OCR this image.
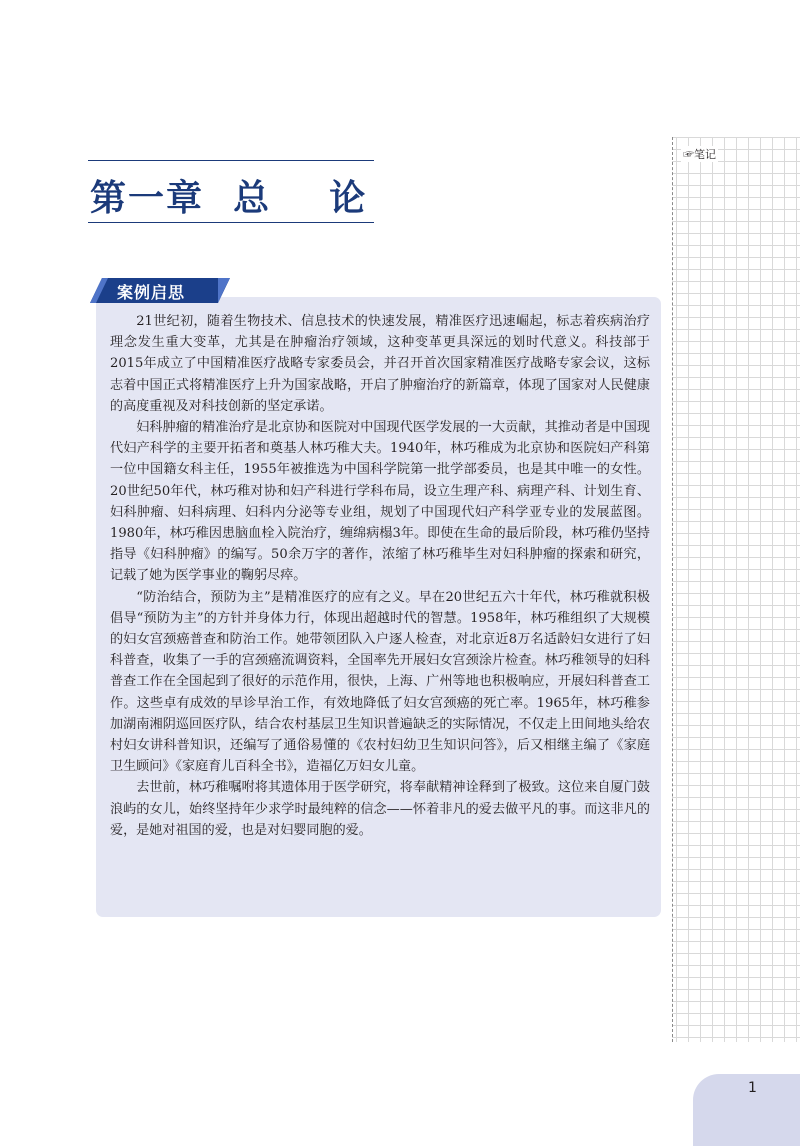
☞笔记
第一章  总    论
案例启思

21世纪初，随着生物技术、信息技术的快速发展，精准医疗迅速崛起，标志着疾病治疗理念发生重大变革，尤其是在肿瘤治疗领域，这种变革更具深远的划时代意义。科技部于2015年成立了中国精准医疗战略专家委员会，并召开首次国家精准医疗战略专家会议，这标志着中国正式将精准医疗上升为国家战略，开启了肿瘤治疗的新篇章，体现了国家对人民健康的高度重视及对科技创新的坚定承诺。

妇科肿瘤的精准治疗是北京协和医院对中国现代医学发展的一大贡献，其推动者是中国现代妇产科学的主要开拓者和奠基人林巧稚大夫。1940年，林巧稚成为北京协和医院妇产科第一位中国籍女科主任，1955年被推选为中国科学院第一批学部委员，也是其中唯一的女性。20世纪50年代，林巧稚对协和妇产科进行学科布局，设立生理产科、病理产科、计划生育、妇科肿瘤、妇科病理、妇科内分泌等专业组，规划了中国现代妇产科学亚专业的发展蓝图。1980年，林巧稚因患脑血栓入院治疗，缠绵病榻3年。即使在生命的最后阶段，林巧稚仍坚持指导《妇科肿瘤》的编写。50余万字的著作，浓缩了林巧稚毕生对妇科肿瘤的探索和研究，记载了她为医学事业的鞠躬尽瘁。

“防治结合，预防为主”是精准医疗的应有之义。早在20世纪五六十年代，林巧稚就积极倡导“预防为主”的方针并身体力行，体现出超越时代的智慧。1958年，林巧稚组织了大规模的妇女宫颈癌普查和防治工作。她带领团队入户逐人检查，对北京近8万名适龄妇女进行了妇科普查，收集了一手的宫颈癌流调资料，全国率先开展妇女宫颈涂片检查。林巧稚领导的妇科普查工作在全国起到了很好的示范作用，很快，上海、广州等地也积极响应，开展妇科普查工作。这些卓有成效的早诊早治工作，有效地降低了妇女宫颈癌的死亡率。1965年，林巧稚参加湖南湘阴巡回医疗队，结合农村基层卫生知识普遍缺乏的实际情况，不仅走上田间地头给农村妇女讲科普知识，还编写了通俗易懂的《农村妇幼卫生知识问答》，后又相继主编了《家庭卫生顾问》《家庭育儿百科全书》，造福亿万妇女儿童。

去世前，林巧稚嘱咐将其遗体用于医学研究，将奉献精神诠释到了极致。这位来自厦门鼓浪屿的女儿，始终坚持年少求学时最纯粹的信念——怀着非凡的爱去做平凡的事。而这非凡的爱，是她对祖国的爱，也是对妇婴同胞的爱。

1
